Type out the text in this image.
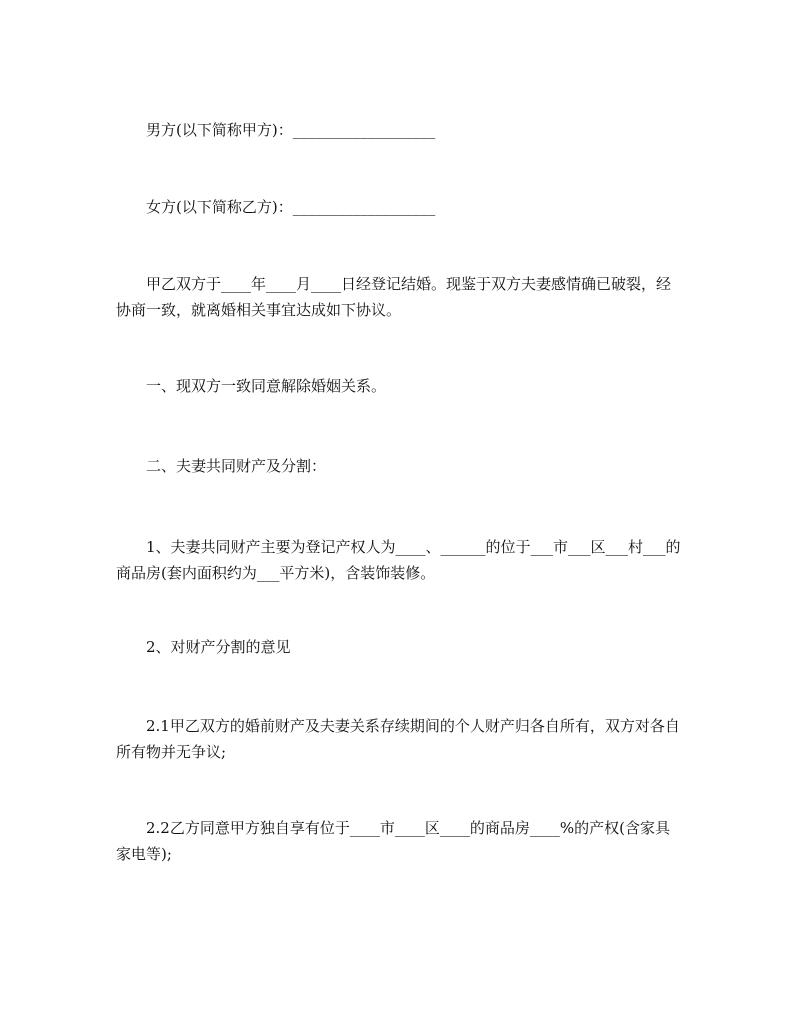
　　男方(以下简称甲方)：___________________

　　女方(以下简称乙方)：___________________

　　甲乙双方于____年____月____日经登记结婚。现鉴于双方夫妻感情确已破裂，经协商一致，就离婚相关事宜达成如下协议。

　　一、现双方一致同意解除婚姻关系。

　　二、夫妻共同财产及分割：

　　1、夫妻共同财产主要为登记产权人为____、______的位于___市___区___村___的商品房(套内面积约为___平方米)，含装饰装修。

　　2、对财产分割的意见

　　2.1甲乙双方的婚前财产及夫妻关系存续期间的个人财产归各自所有，双方对各自所有物并无争议;

　　2.2乙方同意甲方独自享有位于____市____区____的商品房____%的产权(含家具家电等);
